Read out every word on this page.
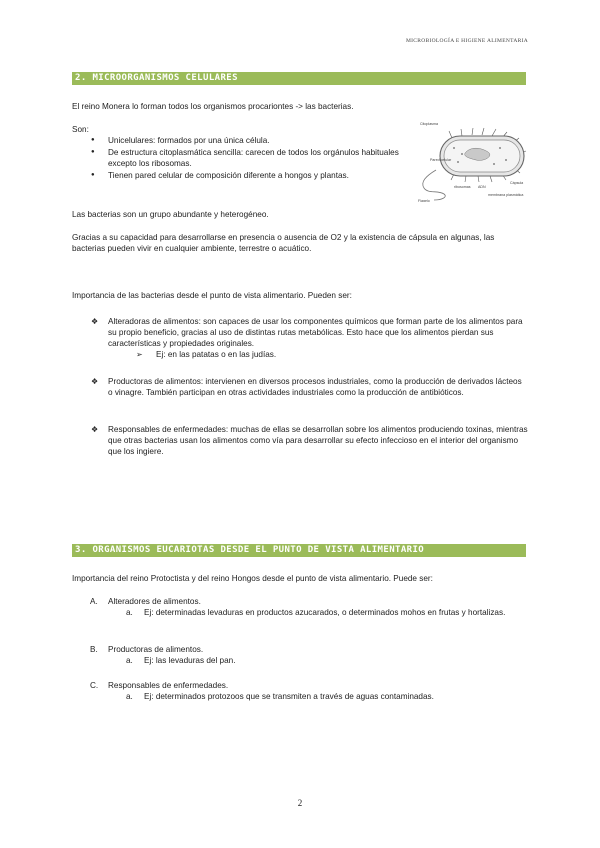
MICROBIOLOGÍA E HIGIENE ALIMENTARIA
2. MICROORGANISMOS CELULARES
El reino Monera lo forman todos los organismos procariontes -> las bacterias.
Son:
● Unicelulares: formados por una única célula.
● De estructura citoplasmática sencilla: carecen de todos los orgánulos habituales excepto los ribosomas.
● Tienen pared celular de composición diferente a hongos y plantas.
Citoplasma
Pared celular
Flagelo
ribosomas ADN
membrana plasmática
Cápsula
Las bacterias son un grupo abundante y heterogéneo.
Gracias a su capacidad para desarrollarse en presencia o ausencia de O2 y la existencia de cápsula en algunas, las bacterias pueden vivir en cualquier ambiente, terrestre o acuático.
Importancia de las bacterias desde el punto de vista alimentario. Pueden ser:
❖ Alteradoras de alimentos: son capaces de usar los componentes químicos que forman parte de los alimentos para su propio beneficio, gracias al uso de distintas rutas metabólicas. Esto hace que los alimentos pierdan sus características y propiedades originales.
➢ Ej: en las patatas o en las judías.
❖ Productoras de alimentos: intervienen en diversos procesos industriales, como la producción de derivados lácteos o vinagre. También participan en otras actividades industriales como la producción de antibióticos.
❖ Responsables de enfermedades: muchas de ellas se desarrollan sobre los alimentos produciendo toxinas, mientras que otras bacterias usan los alimentos como vía para desarrollar su efecto infeccioso en el interior del organismo que los ingiere.
3. ORGANISMOS EUCARIOTAS DESDE EL PUNTO DE VISTA ALIMENTARIO
Importancia del reino Protoctista y del reino Hongos desde el punto de vista alimentario. Puede ser:
A. Alteradores de alimentos.
a. Ej: determinadas levaduras en productos azucarados, o determinados mohos en frutas y hortalizas.
B. Productoras de alimentos.
a. Ej: las levaduras del pan.
C. Responsables de enfermedades.
a. Ej: determinados protozoos que se transmiten a través de aguas contaminadas.
2
